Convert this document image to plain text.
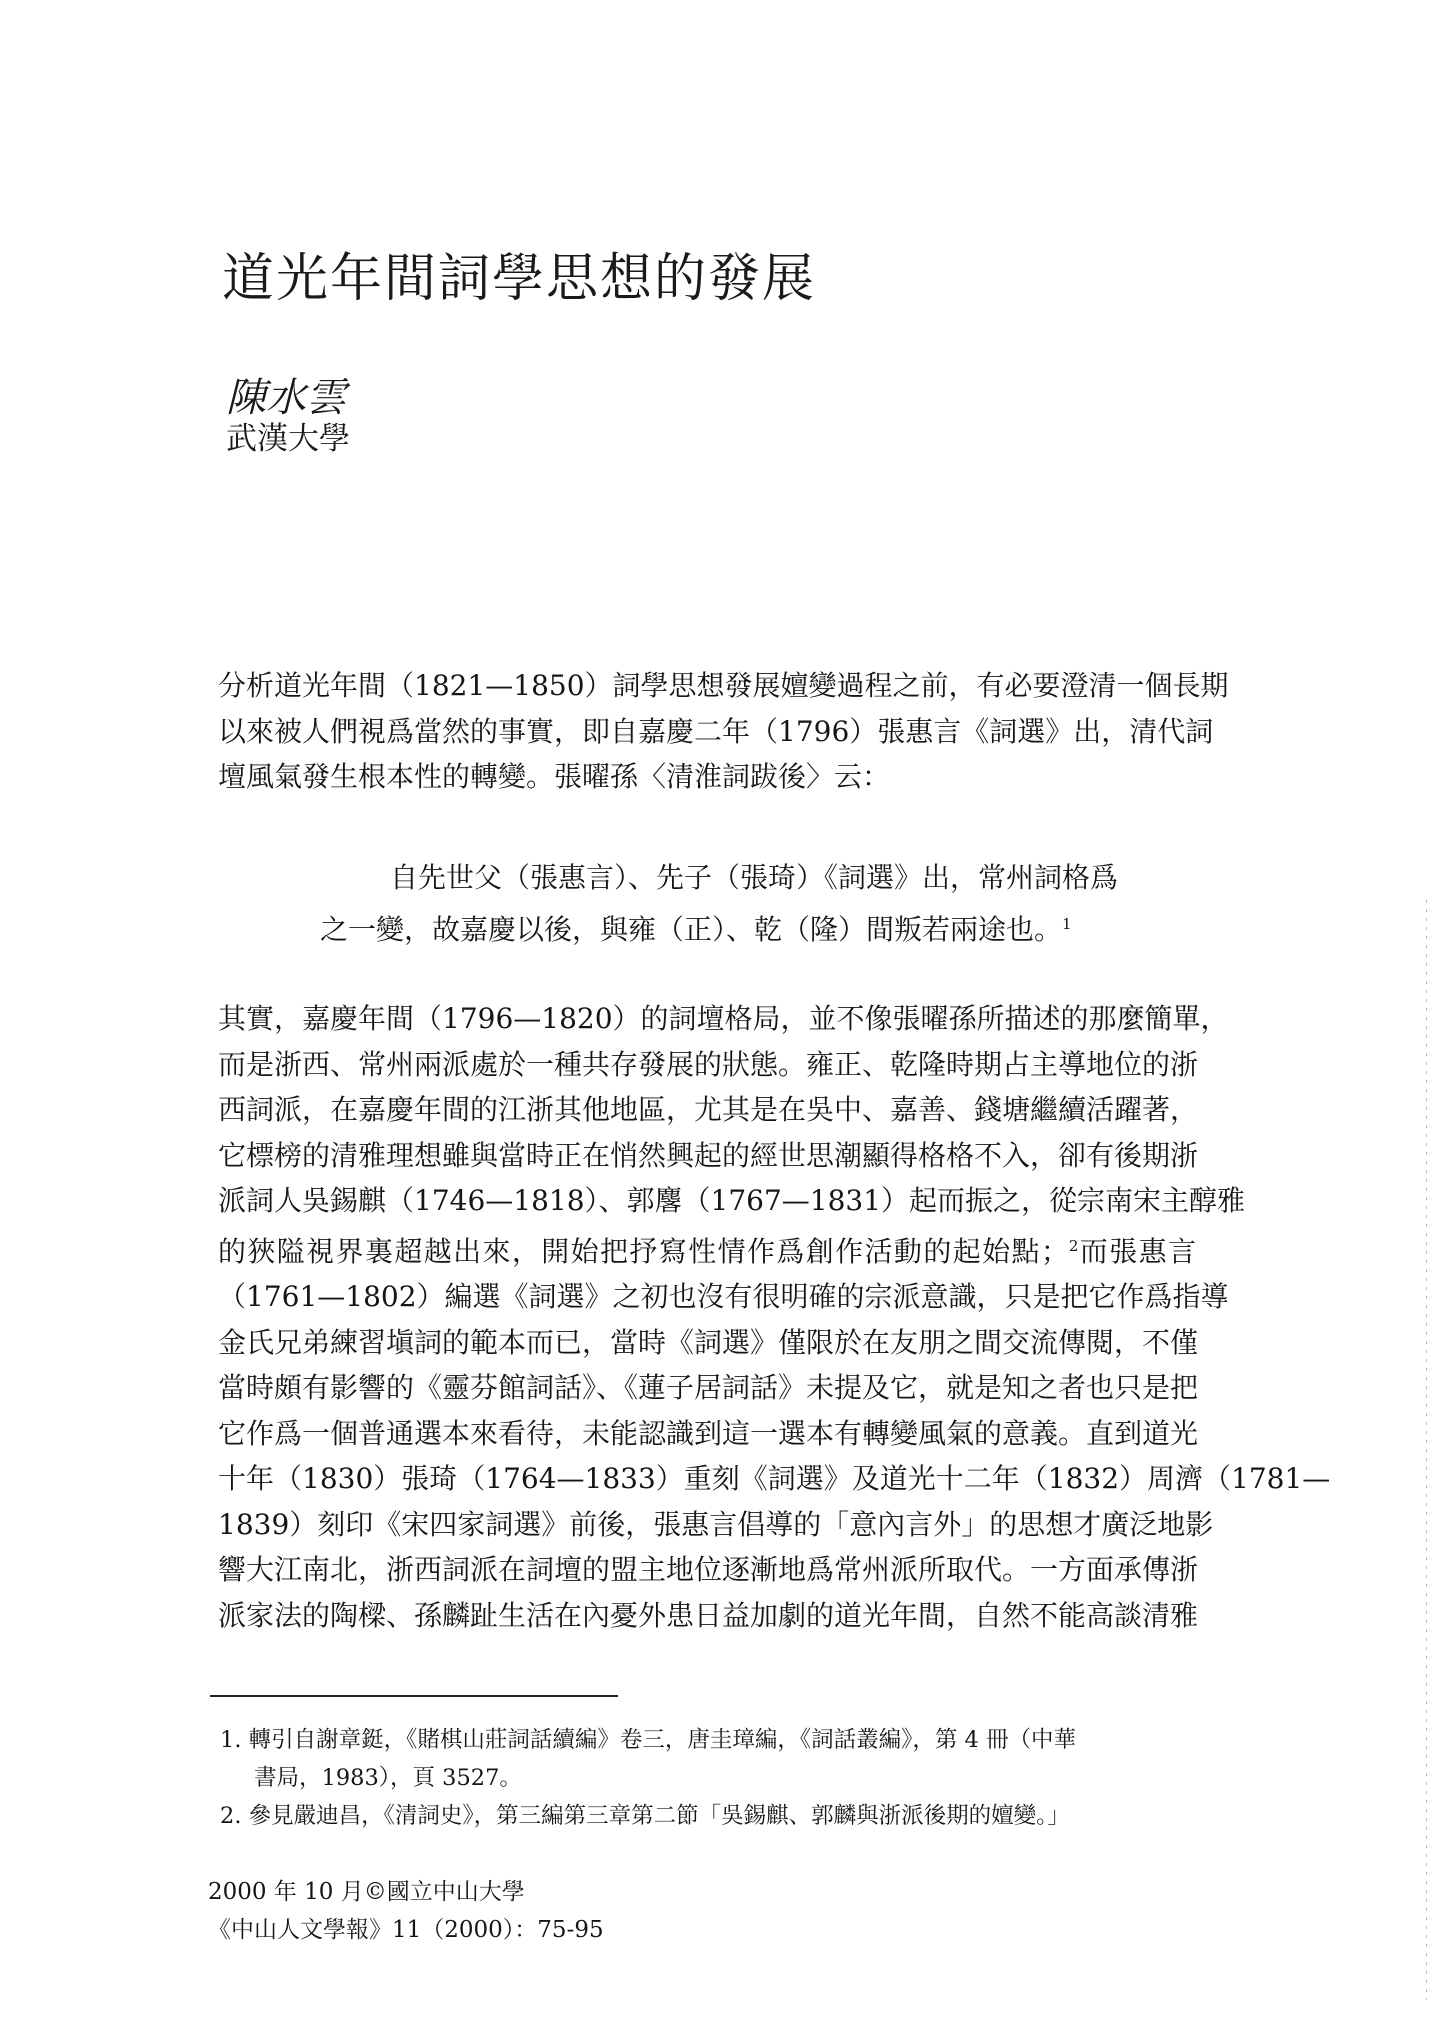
道光年間詞學思想的發展
陳水雲
武漢大學

分析道光年間（1821—1850）詞學思想發展嬗變過程之前，有必要澄清一個長期
以來被人們視爲當然的事實，即自嘉慶二年（1796）張惠言《詞選》出，清代詞
壇風氣發生根本性的轉變。張曜孫〈清淮詞跋後〉云：

自先世父（張惠言）、先子（張琦）《詞選》出，常州詞格爲
之一變，故嘉慶以後，與雍（正）、乾（隆）間叛若兩途也。$^1$

其實，嘉慶年間（1796—1820）的詞壇格局，並不像張曜孫所描述的那麼簡單，
而是浙西、常州兩派處於一種共存發展的狀態。雍正、乾隆時期占主導地位的浙
西詞派，在嘉慶年間的江浙其他地區，尤其是在吳中、嘉善、錢塘繼續活躍著，
它標榜的清雅理想雖與當時正在悄然興起的經世思潮顯得格格不入，卻有後期浙
派詞人吳錫麒（1746—1818）、郭麐（1767—1831）起而振之，從宗南宋主醇雅
的狹隘視界裏超越出來，開始把抒寫性情作爲創作活動的起始點；$^2$而張惠言
（1761—1802）編選《詞選》之初也沒有很明確的宗派意識，只是把它作爲指導
金氏兄弟練習塡詞的範本而已，當時《詞選》僅限於在友朋之間交流傳閱，不僅
當時頗有影響的《靈芬館詞話》、《蓮子居詞話》未提及它，就是知之者也只是把
它作爲一個普通選本來看待，未能認識到這一選本有轉變風氣的意義。直到道光
十年（1830）張琦（1764—1833）重刻《詞選》及道光十二年（1832）周濟（1781—
1839）刻印《宋四家詞選》前後，張惠言倡導的「意內言外」的思想才廣泛地影
響大江南北，浙西詞派在詞壇的盟主地位逐漸地爲常州派所取代。一方面承傳浙
派家法的陶樑、孫麟趾生活在內憂外患日益加劇的道光年間，自然不能高談清雅

1. 轉引自謝章鋌，《賭棋山莊詞話續編》卷三，唐圭璋編，《詞話叢編》，第 4 冊（中華
書局，1983），頁 3527。
2. 參見嚴迪昌，《清詞史》，第三編第三章第二節「吳錫麒、郭麟與浙派後期的嬗變。」
2000 年 10 月©國立中山大學
《中山人文學報》11（2000）：75-95
